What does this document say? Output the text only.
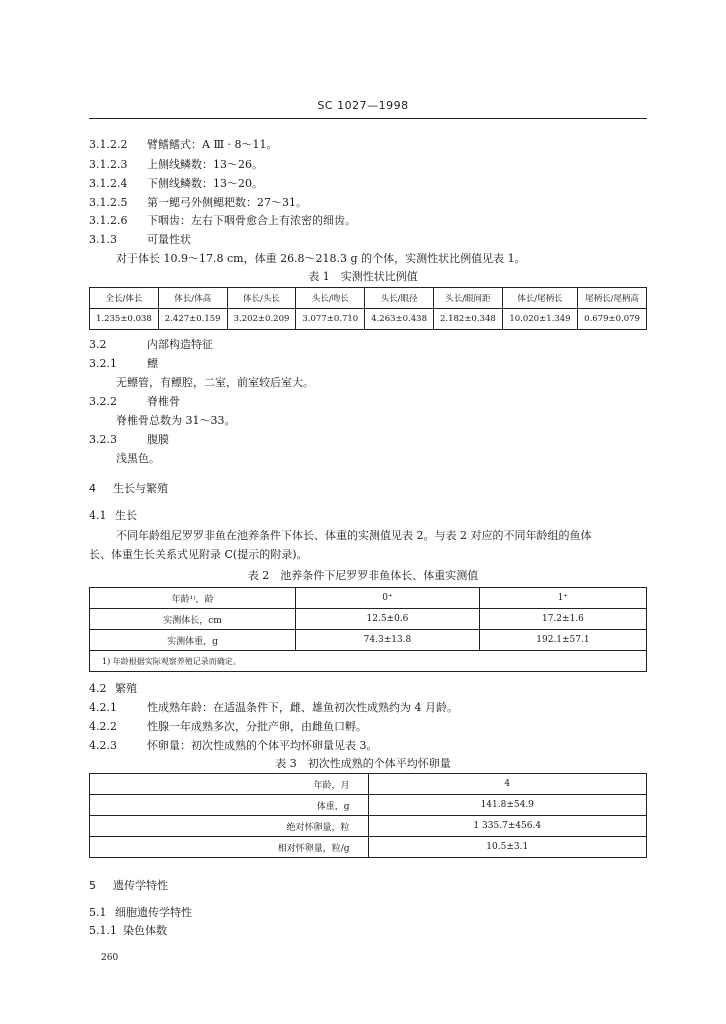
SC 1027—1998
3.1.2.2 臂鳍鳍式：A Ⅲ · 8～11。
3.1.2.3 上侧线鳞数：13～26。
3.1.2.4 下侧线鳞数：13～20。
3.1.2.5 第一鳃弓外侧鳃耙数：27～31。
3.1.2.6 下咽齿：左右下咽骨愈合上有浓密的细齿。
3.1.3	可量性状
对于体长 10.9～17.8 cm，体重 26.8～218.3 g 的个体，实测性状比例值见表 1。
表 1　实测性状比例值
全长/体长	体长/体高	体长/头长	头长/吻长	头长/眼径	头长/眼间距	体长/尾柄长	尾柄长/尾柄高
1.235±0.038	2.427±0.159	3.202±0.209	3.077±0.710	4.263±0.438	2.182±0.348	10.020±1.349	0.679±0.079
3.2	内部构造特征
3.2.1	鳔
无鳔管，有鳔腔，二室，前室较后室大。
3.2.2	脊椎骨
脊椎骨总数为 31～33。
3.2.3	腹膜
浅黑色。
4 生长与繁殖
4.1 生长
不同年龄组尼罗罗非鱼在池养条件下体长、体重的实测值见表 2。与表 2 对应的不同年龄组的鱼体
长、体重生长关系式见附录 C(提示的附录)。
表 2　池养条件下尼罗罗非鱼体长、体重实测值
年龄¹⁾，龄	0⁺	1⁺
实测体长，cm	12.5±0.6	17.2±1.6
实测体重，g	74.3±13.8	192.1±57.1
1) 年龄根据实际观察养殖记录而确定。		
4.2 繁殖
4.2.1	性成熟年龄：在适温条件下，雌、雄鱼初次性成熟约为 4 月龄。
4.2.2	性腺一年成熟多次，分批产卵，由雌鱼口孵。
4.2.3	怀卵量：初次性成熟的个体平均怀卵量见表 3。
表 3　初次性成熟的个体平均怀卵量
年龄，月	4
体重，g	141.8±54.9
绝对怀卵量，粒	1 335.7±456.4
相对怀卵量，粒/g	10.5±3.1
5 遗传学特性
5.1 细胞遗传学特性
5.1.1 染色体数
260
